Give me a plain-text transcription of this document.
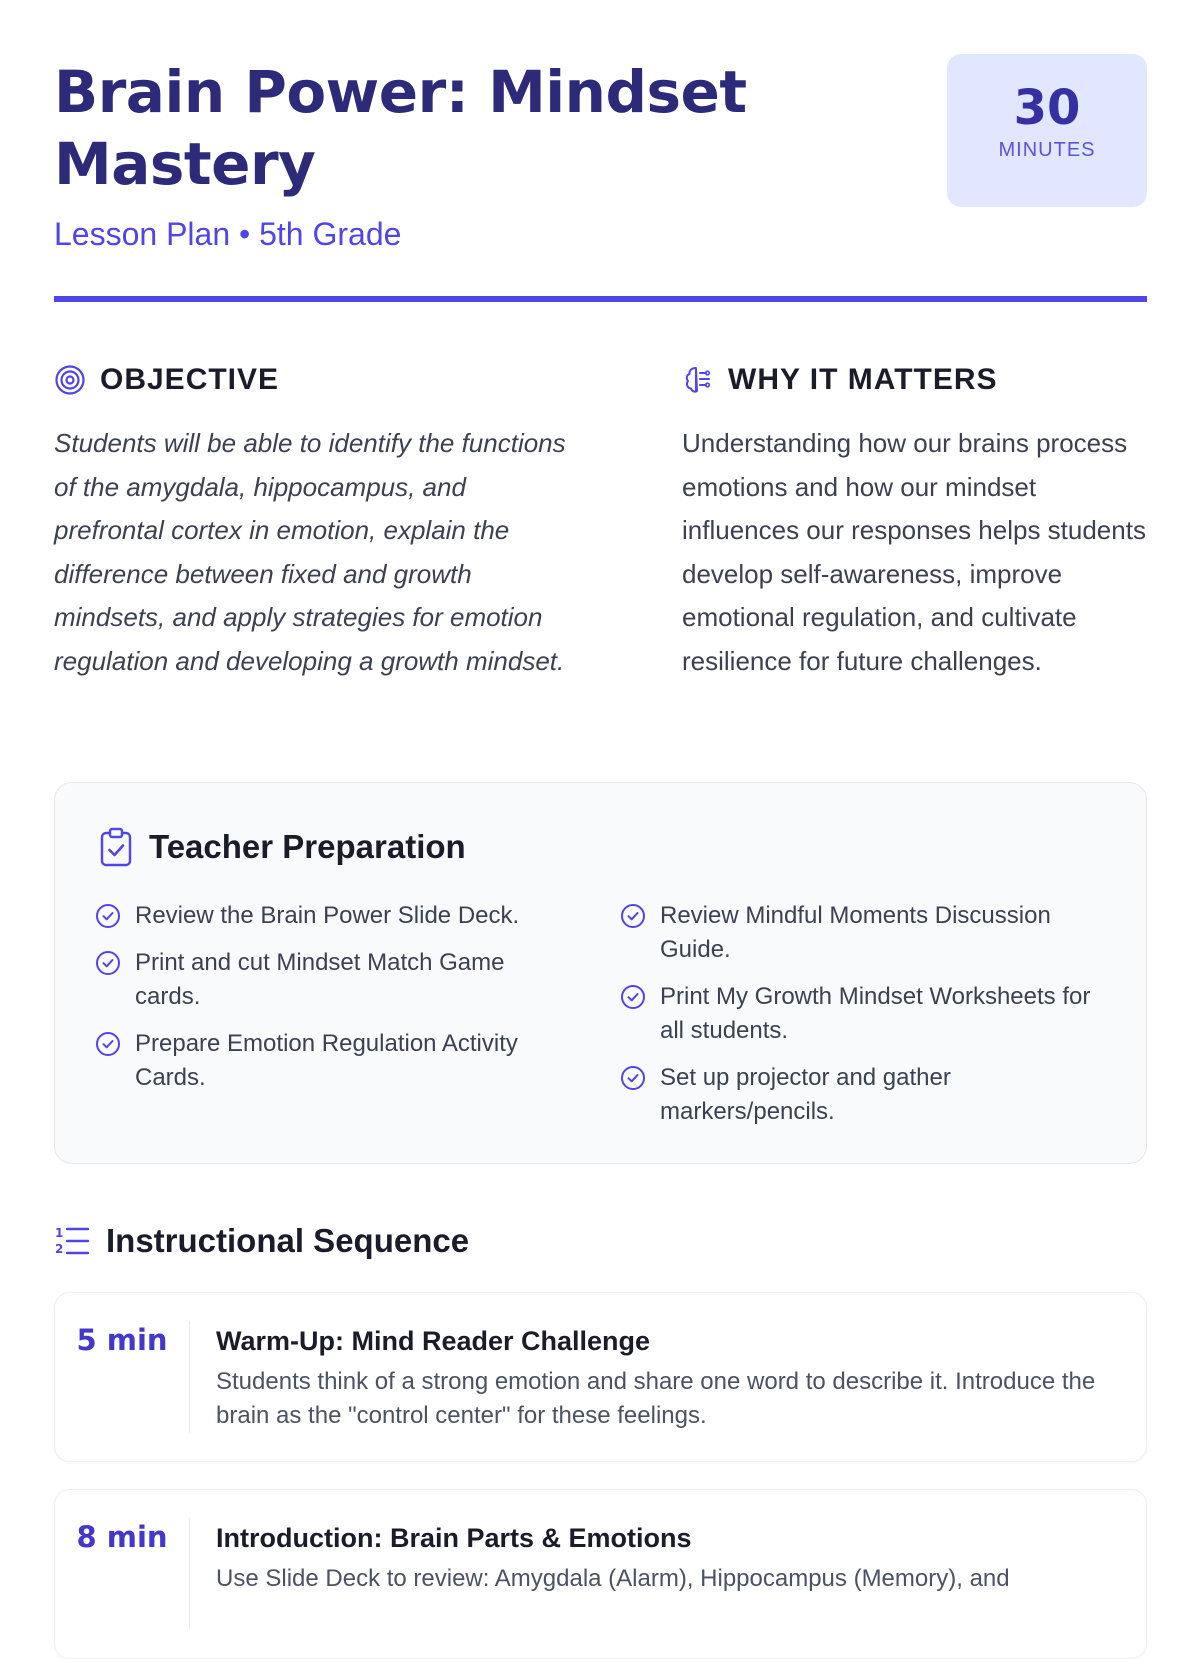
Brain Power: Mindset Mastery

Lesson Plan • 5th Grade

30
MINUTES
OBJECTIVE

Students will be able to identify the functions of the amygdala, hippocampus, and prefrontal cortex in emotion, explain the difference between fixed and growth mindsets, and apply strategies for emotion regulation and developing a growth mindset.

WHY IT MATTERS

Understanding how our brains process emotions and how our mindset influences our responses helps students develop self-awareness, improve emotional regulation, and cultivate resilience for future challenges.

Teacher Preparation
Review the Brain Power Slide Deck.
Print and cut Mindset Match Game cards.
Prepare Emotion Regulation Activity Cards.
Review Mindful Moments Discussion Guide.
Print My Growth Mindset Worksheets for all students.
Set up projector and gather markers/pencils.
1
2 Instructional Sequence
5 min	Warm-Up: Mind Reader Challenge

Students think of a strong emotion and share one word to describe it. Introduce the brain as the "control center" for these feelings.

8 min	Introduction: Brain Parts & Emotions

Use Slide Deck to review: Amygdala (Alarm), Hippocampus (Memory), and
